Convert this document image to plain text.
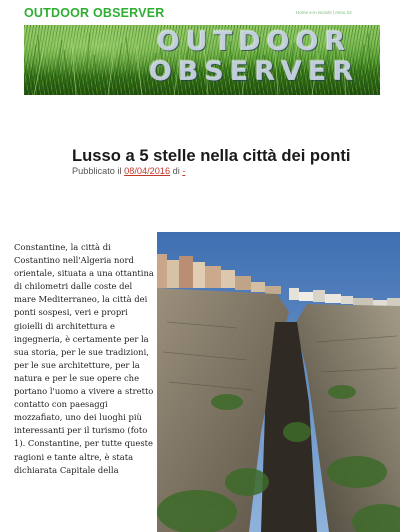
OUTDOOR OBSERVER	Home e-in iscriviti | Anno 22
OUTDOOR
OBSERVER
Lusso a 5 stelle nella città dei ponti
Pubblicato il 08/04/2016 di -

Constantine, la città di Costantino nell'Algeria nord orientale, situata a una ottantina di chilometri dalle coste del mare Mediterraneo, la città dei ponti sospesi, veri e propri gioielli di architettura e ingegneria, è certamente per la sua storia, per le sue tradizioni, per le sue architetture, per la natura e per le sue opere che portano l'uomo a vivere a stretto contatto con paesaggi mozzafiato, uno dei luoghi più interessanti per il turismo (foto 1). Constantine, per tutte queste ragioni e tante altre, è stata dichiarata Capitale della
